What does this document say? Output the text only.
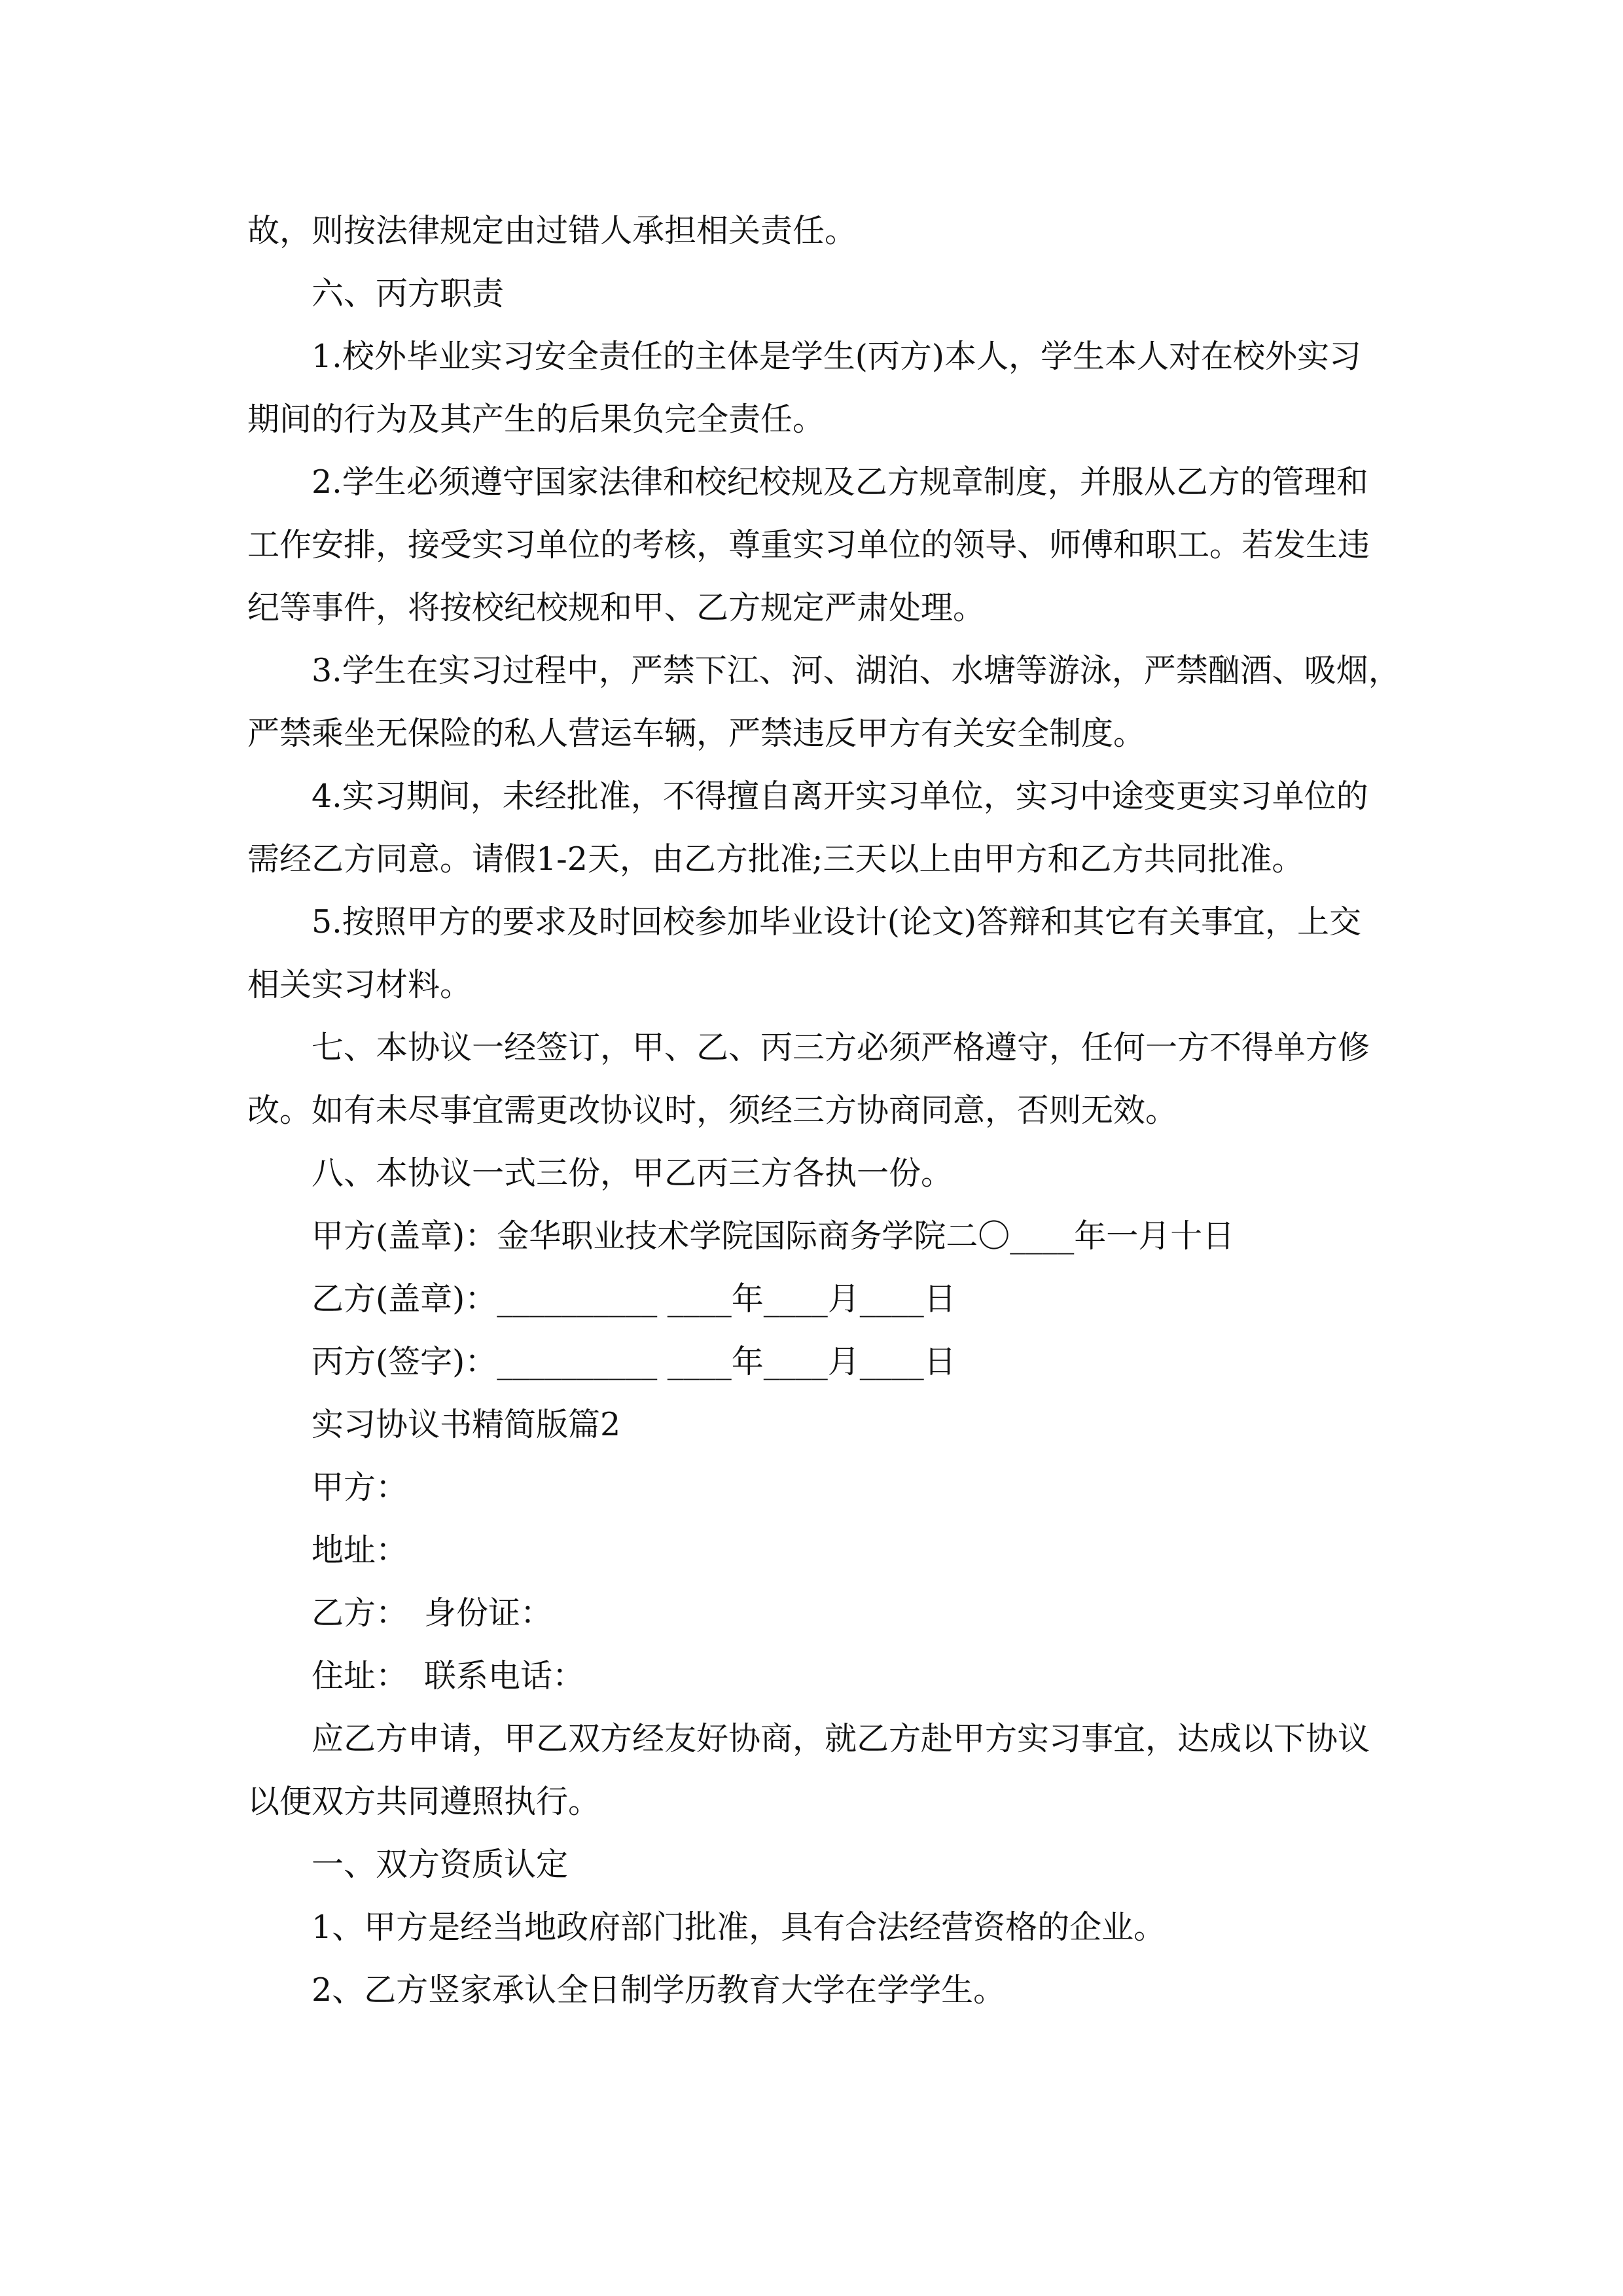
故，则按法律规定由过错人承担相关责任。
六、丙方职责
1.校外毕业实习安全责任的主体是学生(丙方)本人，学生本人对在校外实习
期间的行为及其产生的后果负完全责任。
2.学生必须遵守国家法律和校纪校规及乙方规章制度，并服从乙方的管理和
工作安排，接受实习单位的考核，尊重实习单位的领导、师傅和职工。若发生违
纪等事件，将按校纪校规和甲、乙方规定严肃处理。
3.学生在实习过程中，严禁下江、河、湖泊、水塘等游泳，严禁酗酒、吸烟，
严禁乘坐无保险的私人营运车辆，严禁违反甲方有关安全制度。
4.实习期间，未经批准，不得擅自离开实习单位，实习中途变更实习单位的
需经乙方同意。请假1-2天，由乙方批准;三天以上由甲方和乙方共同批准。
5.按照甲方的要求及时回校参加毕业设计(论文)答辩和其它有关事宜，上交
相关实习材料。
七、本协议一经签订，甲、乙、丙三方必须严格遵守，任何一方不得单方修
改。如有未尽事宜需更改协议时，须经三方协商同意，否则无效。
八、本协议一式三份，甲乙丙三方各执一份。
甲方(盖章)：金华职业技术学院国际商务学院二〇____年一月十日
乙方(盖章)：__________ ____年____月____日
丙方(签字)：__________ ____年____月____日
实习协议书精简版篇2
甲方：
地址：
乙方： 身份证：
住址： 联系电话：
应乙方申请，甲乙双方经友好协商，就乙方赴甲方实习事宜，达成以下协议
以便双方共同遵照执行。
一、双方资质认定
1、甲方是经当地政府部门批准，具有合法经营资格的企业。
2、乙方竖家承认全日制学历教育大学在学学生。
